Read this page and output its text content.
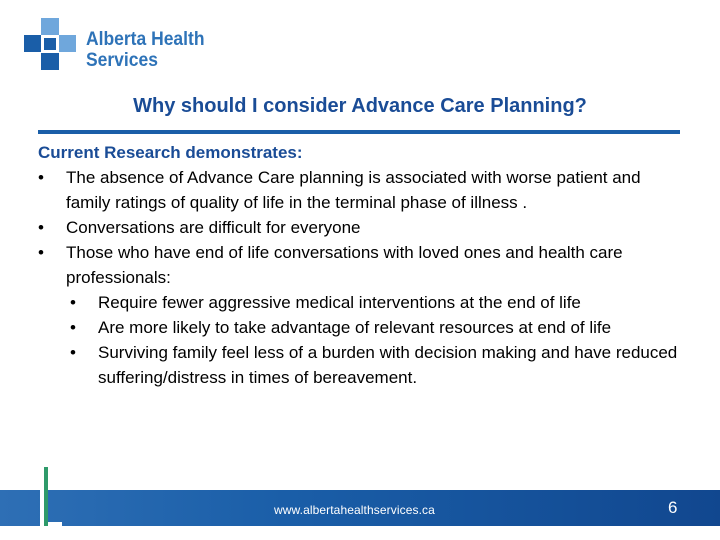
Alberta Health
Services
Why should I consider Advance Care Planning?
Current Research demonstrates:
• The absence of Advance Care planning is associated with worse patient and family ratings of quality of life in the terminal phase of illness .
• Conversations are difficult for everyone
• Those who have end of life conversations with loved ones and health care professionals:
• Require fewer aggressive medical interventions at the end of life
• Are more likely to take advantage of relevant resources at end of life
• Surviving family feel less of a burden with decision making and have reduced suffering/distress in times of bereavement.
www.albertahealthservices.ca	6
